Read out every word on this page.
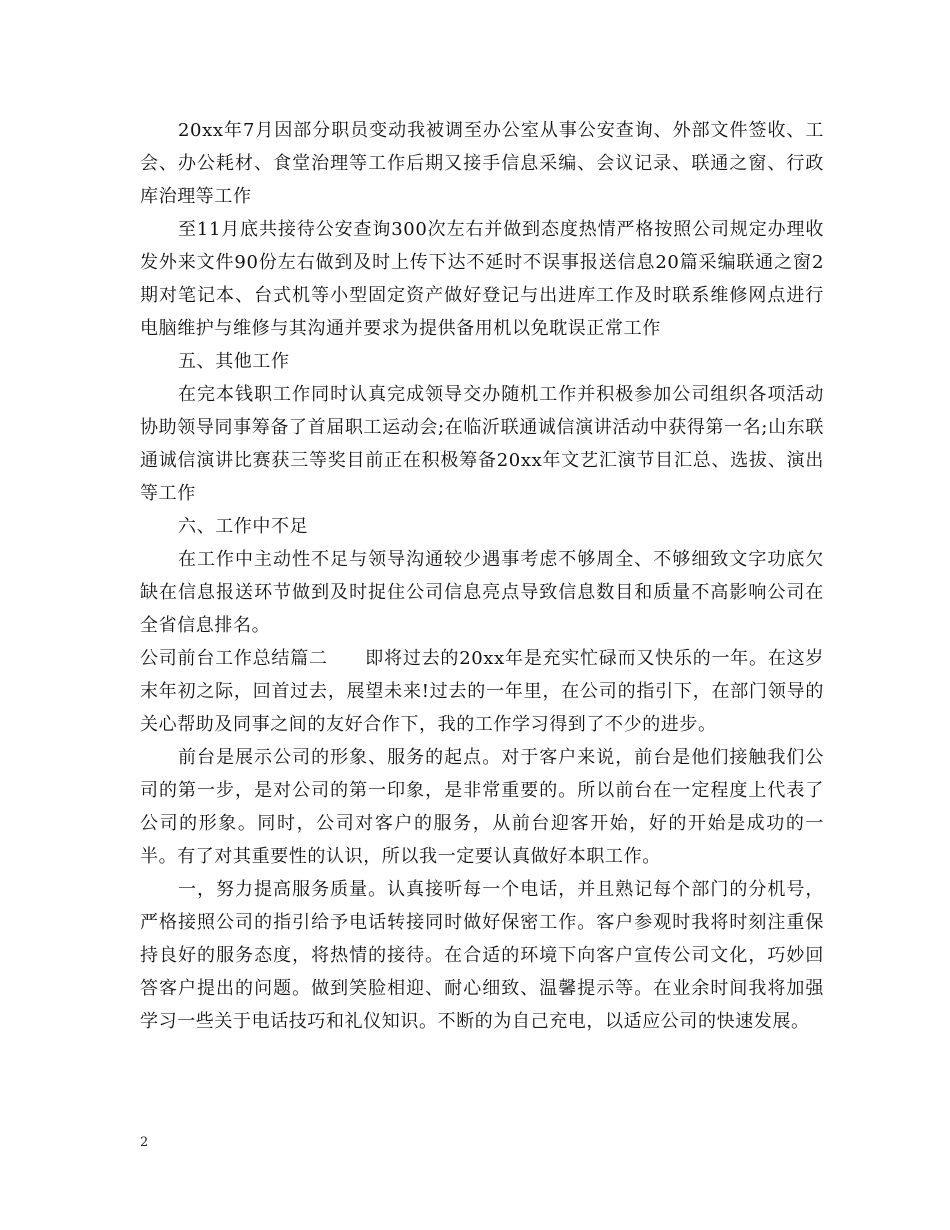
20xx年7月因部分职员变动我被调至办公室从事公安查询、外部文件签收、工会、办公耗材、食堂治理等工作后期又接手信息采编、会议记录、联通之窗、行政库治理等工作

至11月底共接待公安查询300次左右并做到态度热情严格按照公司规定办理收发外来文件90份左右做到及时上传下达不延时不误事报送信息20篇采编联通之窗2期对笔记本、台式机等小型固定资产做好登记与出进库工作及时联系维修网点进行电脑维护与维修与其沟通并要求为提供备用机以免耽误正常工作

五、其他工作

在完本钱职工作同时认真完成领导交办随机工作并积极参加公司组织各项活动协助领导同事筹备了首届职工运动会;在临沂联通诚信演讲活动中获得第一名;山东联通诚信演讲比赛获三等奖目前正在积极筹备20xx年文艺汇演节目汇总、选拔、演出等工作

六、工作中不足

在工作中主动性不足与领导沟通较少遇事考虑不够周全、不够细致文字功底欠缺在信息报送环节做到及时捉住公司信息亮点导致信息数目和质量不高影响公司在全省信息排名。

公司前台工作总结篇二　　即将过去的20xx年是充实忙碌而又快乐的一年。在这岁末年初之际，回首过去，展望未来!过去的一年里，在公司的指引下，在部门领导的关心帮助及同事之间的友好合作下，我的工作学习得到了不少的进步。

前台是展示公司的形象、服务的起点。对于客户来说，前台是他们接触我们公司的第一步，是对公司的第一印象，是非常重要的。所以前台在一定程度上代表了公司的形象。同时，公司对客户的服务，从前台迎客开始，好的开始是成功的一半。有了对其重要性的认识，所以我一定要认真做好本职工作。

一，努力提高服务质量。认真接听每一个电话，并且熟记每个部门的分机号，严格接照公司的指引给予电话转接同时做好保密工作。客户参观时我将时刻注重保持良好的服务态度，将热情的接待。在合适的环境下向客户宣传公司文化，巧妙回答客户提出的问题。做到笑脸相迎、耐心细致、温馨提示等。在业余时间我将加强学习一些关于电话技巧和礼仪知识。不断的为自己充电，以适应公司的快速发展。

2
